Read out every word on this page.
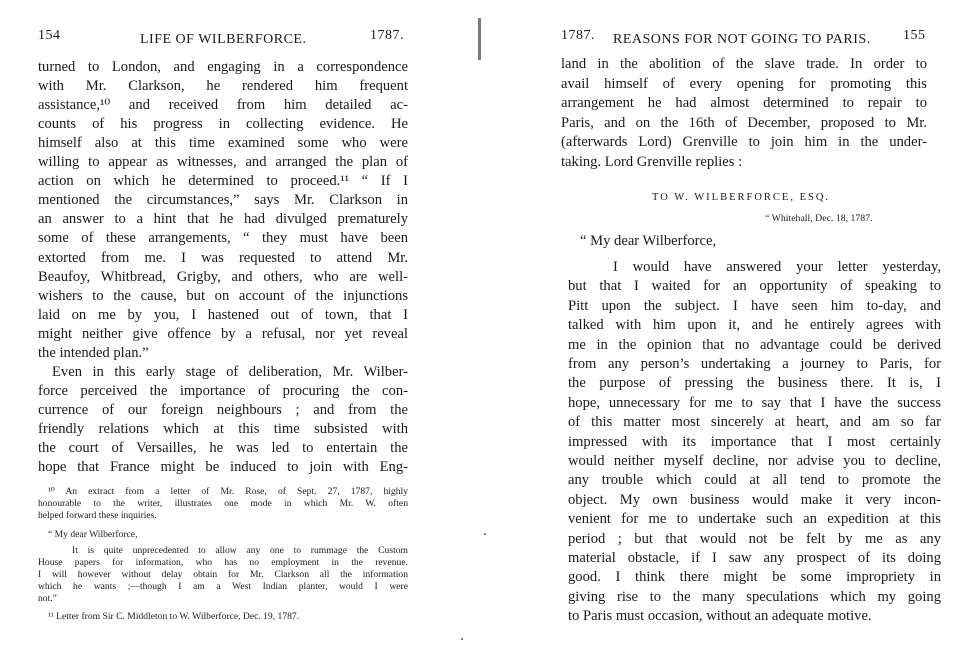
154	LIFE OF WILBERFORCE.	1787.
turned to London, and engaging in a correspondence
with Mr. Clarkson, he rendered him frequent
assistance,¹⁰ and received from him detailed ac-
counts of his progress in collecting evidence. He
himself also at this time examined some who were
willing to appear as witnesses, and arranged the plan of
action on which he determined to proceed.¹¹ “ If I
mentioned the circumstances,” says Mr. Clarkson in
an answer to a hint that he had divulged prematurely
some of these arrangements, “ they must have been
extorted from me. I was requested to attend Mr.
Beaufoy, Whitbread, Grigby, and others, who are well-
wishers to the cause, but on account of the injunctions
laid on me by you, I hastened out of town, that I
might neither give offence by a refusal, nor yet reveal
the intended plan.”
Even in this early stage of deliberation, Mr. Wilber-
force perceived the importance of procuring the con-
currence of our foreign neighbours ; and from the
friendly relations which at this time subsisted with
the court of Versailles, he was led to entertain the
hope that France might be induced to join with Eng-
¹⁰ An extract from a letter of Mr. Rose, of Sept. 27, 1787, highly
honourable to the writer, illustrates one mode in which Mr. W. often
helped forward these inquiries.
“ My dear Wilberforce,
It is quite unprecedented to allow any one to rummage the Custom
House papers for information, who has no employment in the revenue.
I will however without delay obtain for Mr. Clarkson all the information
which he wants ;—though I am a West Indian planter, would I were
not.”
¹¹ Letter from Sir C. Middleton to W. Wilberforce, Dec. 19, 1787.
1787. REASONS FOR NOT GOING TO PARIS. 155
land in the abolition of the slave trade. In order to
avail himself of every opening for promoting this
arrangement he had almost determined to repair to
Paris, and on the 16th of December, proposed to Mr.
(afterwards Lord) Grenville to join him in the under-
taking. Lord Grenville replies :
TO W. WILBERFORCE, ESQ.
“ Whitehall, Dec. 18, 1787.
“ My dear Wilberforce,
I would have answered your letter yesterday,
but that I waited for an opportunity of speaking to
Pitt upon the subject. I have seen him to-day, and
talked with him upon it, and he entirely agrees with
me in the opinion that no advantage could be derived
from any person’s undertaking a journey to Paris, for
the purpose of pressing the business there. It is, I
hope, unnecessary for me to say that I have the success
of this matter most sincerely at heart, and am so far
impressed with its importance that I most certainly
would neither myself decline, nor advise you to decline,
any trouble which could at all tend to promote the
object. My own business would make it very incon-
venient for me to undertake such an expedition at this
period ; but that would not be felt by me as any
material obstacle, if I saw any prospect of its doing
good. I think there might be some impropriety in
giving rise to the many speculations which my going
to Paris must occasion, without an adequate motive.
